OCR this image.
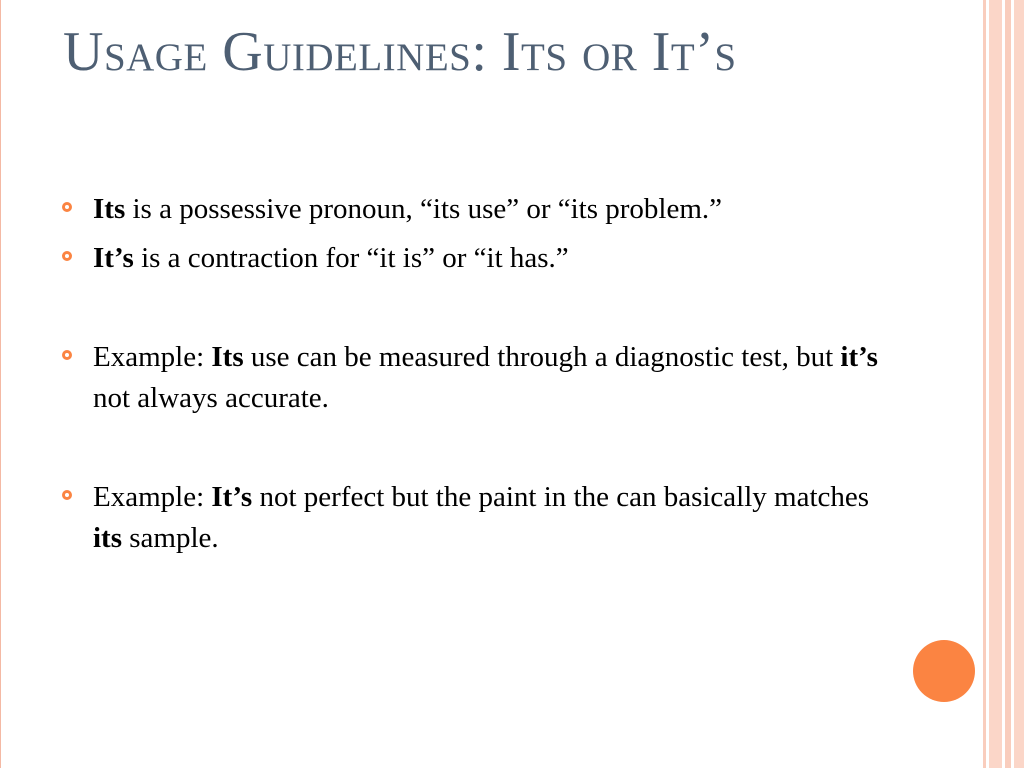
Usage Guidelines: Its or It’s
Its is a possessive pronoun, “its use” or “its problem.”
It’s is a contraction for “it is” or “it has.”
Example: Its use can be measured through a diagnostic test, but it’s not always accurate.
Example: It’s not perfect but the paint in the can basically matches its sample.
